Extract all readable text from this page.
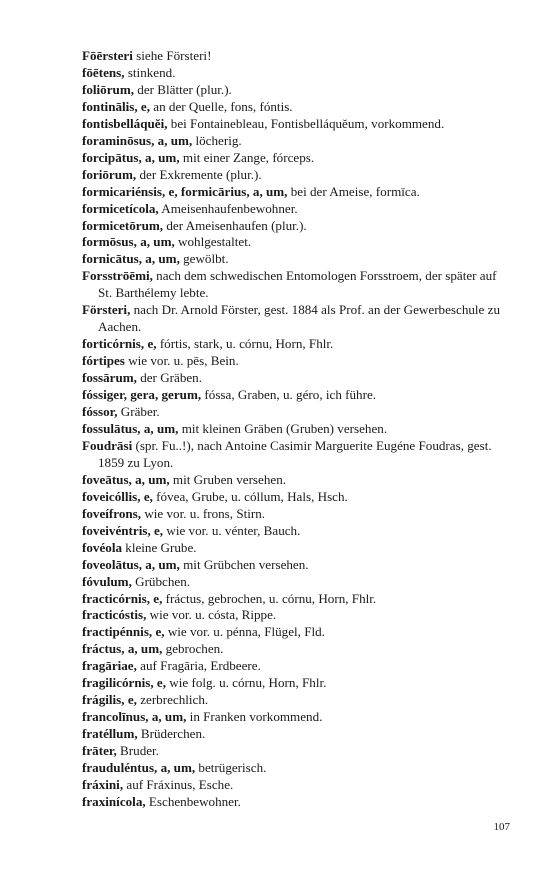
Fōērsteri siehe Försteri!

fōētens, stinkend.

foliōrum, der Blätter (plur.).

fontinālis, e, an der Quelle, fons, fóntis.

fontisbelláquĕi, bei Fontainebleau, Fontisbelláquĕum, vorkommend.

foraminōsus, a, um, löcherig.

forcipātus, a, um, mit einer Zange, fórceps.

foriōrum, der Exkremente (plur.).

formicariénsis, e, formicārius, a, um, bei der Ameise, formīca.

formicetícola, Ameisenhaufenbewohner.

formicetōrum, der Ameisenhaufen (plur.).

formōsus, a, um, wohlgestaltet.

fornicātus, a, um, gewölbt.

Forsstrōēmi, nach dem schwedischen Entomologen Forsstroem, der später auf St. Barthélemy lebte.

Försteri, nach Dr. Arnold Förster, gest. 1884 als Prof. an der Gewerbeschule zu Aachen.

forticórnis, e, fórtis, stark, u. córnu, Horn, Fhlr.

fórtipes wie vor. u. pēs, Bein.

fossārum, der Gräben.

fóssiger, gera, gerum, fóssa, Graben, u. géro, ich führe.

fóssor, Gräber.

fossulātus, a, um, mit kleinen Gräben (Gruben) versehen.

Foudrāsi (spr. Fu..!), nach Antoine Casimir Marguerite Eugéne Foudras, gest. 1859 zu Lyon.

foveātus, a, um, mit Gruben versehen.

foveicóllis, e, fóvea, Grube, u. cóllum, Hals, Hsch.

foveífrons, wie vor. u. frons, Stirn.

foveivéntris, e, wie vor. u. vénter, Bauch.

fovéola kleine Grube.

foveolātus, a, um, mit Grübchen versehen.

fóvulum, Grübchen.

fracticórnis, e, fráctus, gebrochen, u. córnu, Horn, Fhlr.

fracticóstis, wie vor. u. cósta, Rippe.

fractipénnis, e, wie vor. u. pénna, Flügel, Fld.

fráctus, a, um, gebrochen.

fragāriae, auf Fragāria, Erdbeere.

fragilicórnis, e, wie folg. u. córnu, Horn, Fhlr.

frágilis, e, zerbrechlich.

francolīnus, a, um, in Franken vorkommend.

fratéllum, Brüderchen.

frāter, Bruder.

frauduléntus, a, um, betrügerisch.

fráxini, auf Fráxinus, Esche.

fraxinícola, Eschenbewohner.

107
